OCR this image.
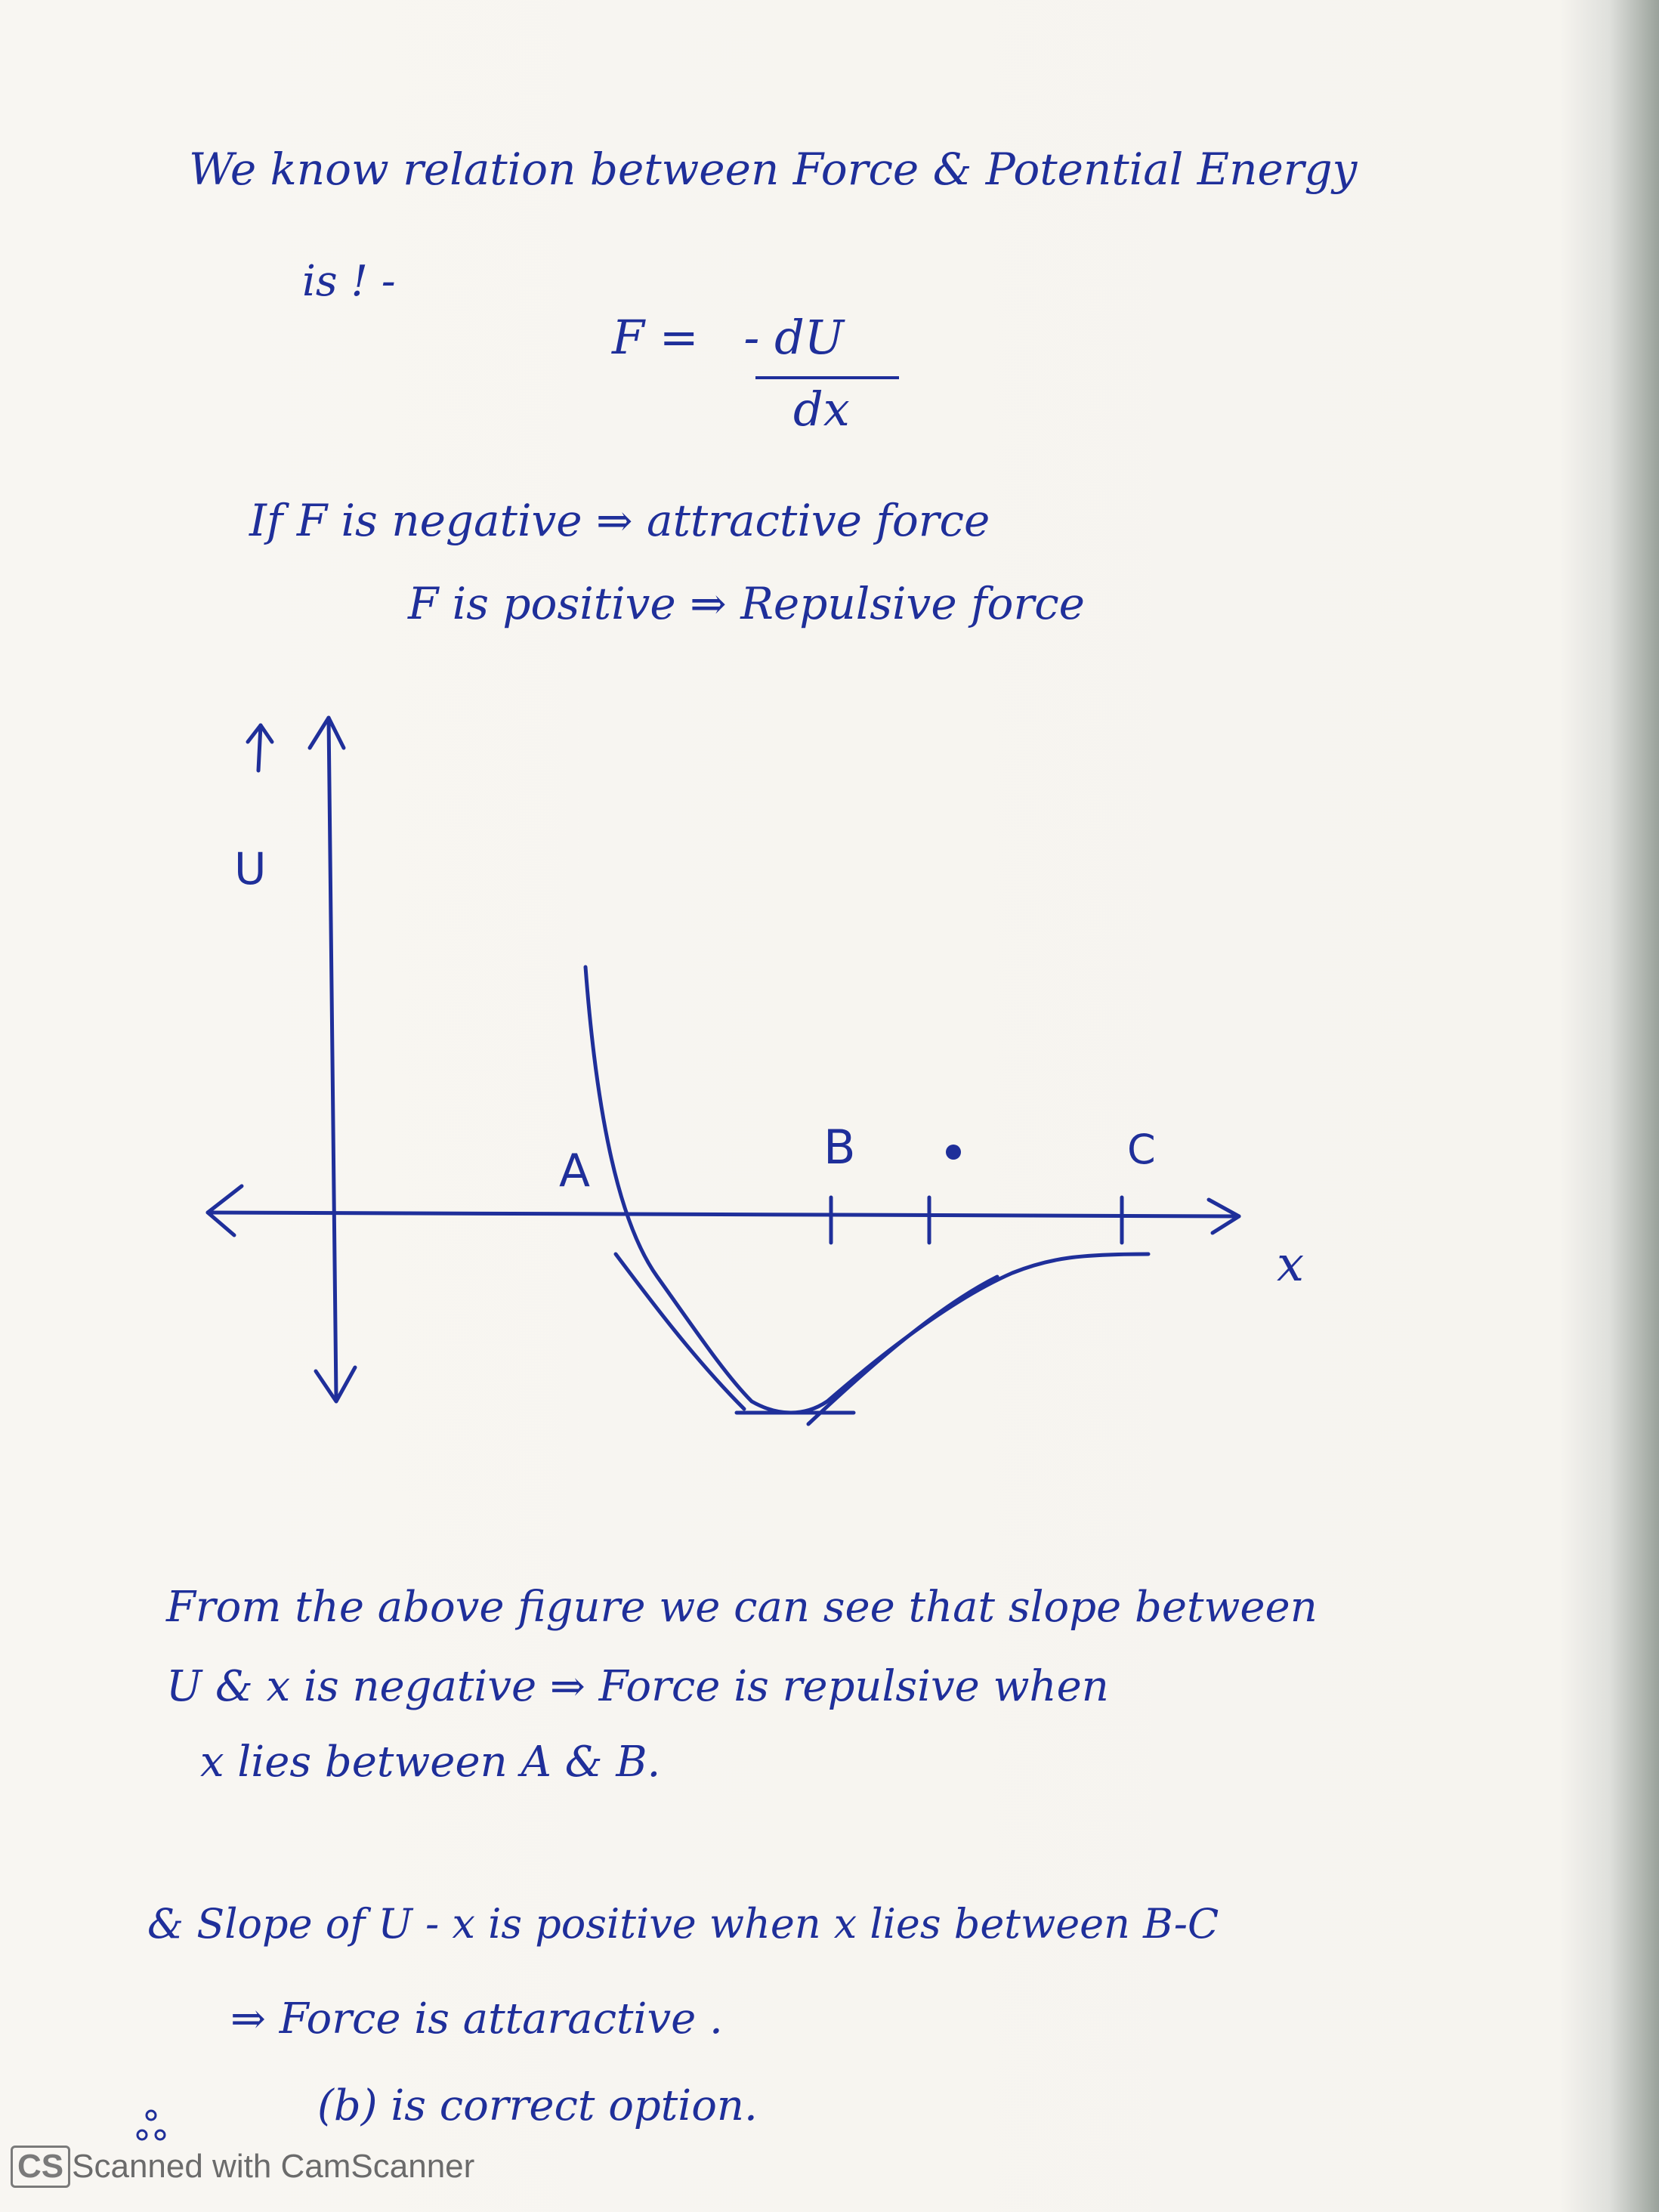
We know relation between Force & Potential Energy
is ! -
F = - dU
dx
If F is negative ⇒ attractive force
F is positive ⇒ Repulsive force
U
x
A	B	C
From the above figure we can see that slope between
U & x is negative ⇒ Force is repulsive when
x lies between A & B.
& Slope of U - x is positive when x lies between B-C
⇒ Force is attaractive .
(b) is correct option.
CS Scanned with CamScanner
